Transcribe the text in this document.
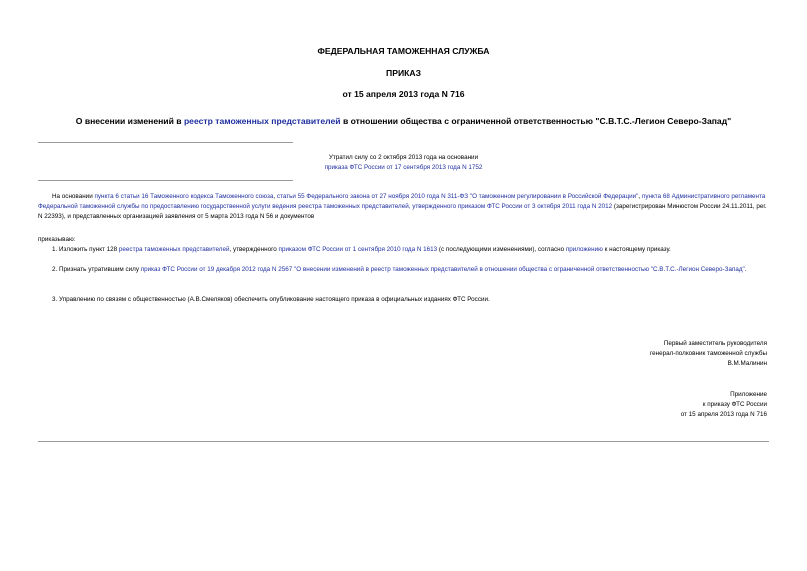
ФЕДЕРАЛЬНАЯ ТАМОЖЕННАЯ СЛУЖБА
ПРИКАЗ
от 15 апреля 2013 года N 716
О внесении изменений в реестр таможенных представителей в отношении общества с ограниченной ответственностью "С.В.Т.С.-Легион Северо-Запад"
Утратил силу со 2 октября 2013 года на основании
приказа ФТС России от 17 сентября 2013 года N 1752
На основании пункта 6 статьи 16 Таможенного кодекса Таможенного союза, статьи 55 Федерального закона от 27 ноября 2010 года N 311-ФЗ "О таможенном регулировании в Российской Федерации", пункта 68 Административного регламента Федеральной таможенной службы по предоставлению государственной услуги ведения реестра таможенных представителей, утвержденного приказом ФТС России от 3 октября 2011 года N 2012 (зарегистрирован Минюстом России 24.11.2011, рег. N 22393), и представленных организацией заявления от 5 марта 2013 года N 56 и документов
приказываю:
1. Изложить пункт 128 реестра таможенных представителей, утвержденного приказом ФТС России от 1 сентября 2010 года N 1613 (с последующими изменениями), согласно приложению к настоящему приказу.
2. Признать утратившим силу приказ ФТС России от 19 декабря 2012 года N 2567 "О внесении изменений в реестр таможенных представителей в отношении общества с ограниченной ответственностью "С.В.Т.С.-Легион Северо-Запад".
3. Управлению по связям с общественностью (А.В.Смеляков) обеспечить опубликование настоящего приказа в официальных изданиях ФТС России.
Первый заместитель руководителя
генерал-полковник таможенной службы
В.М.Малинин
Приложение
к приказу ФТС России
от 15 апреля 2013 года N 716
